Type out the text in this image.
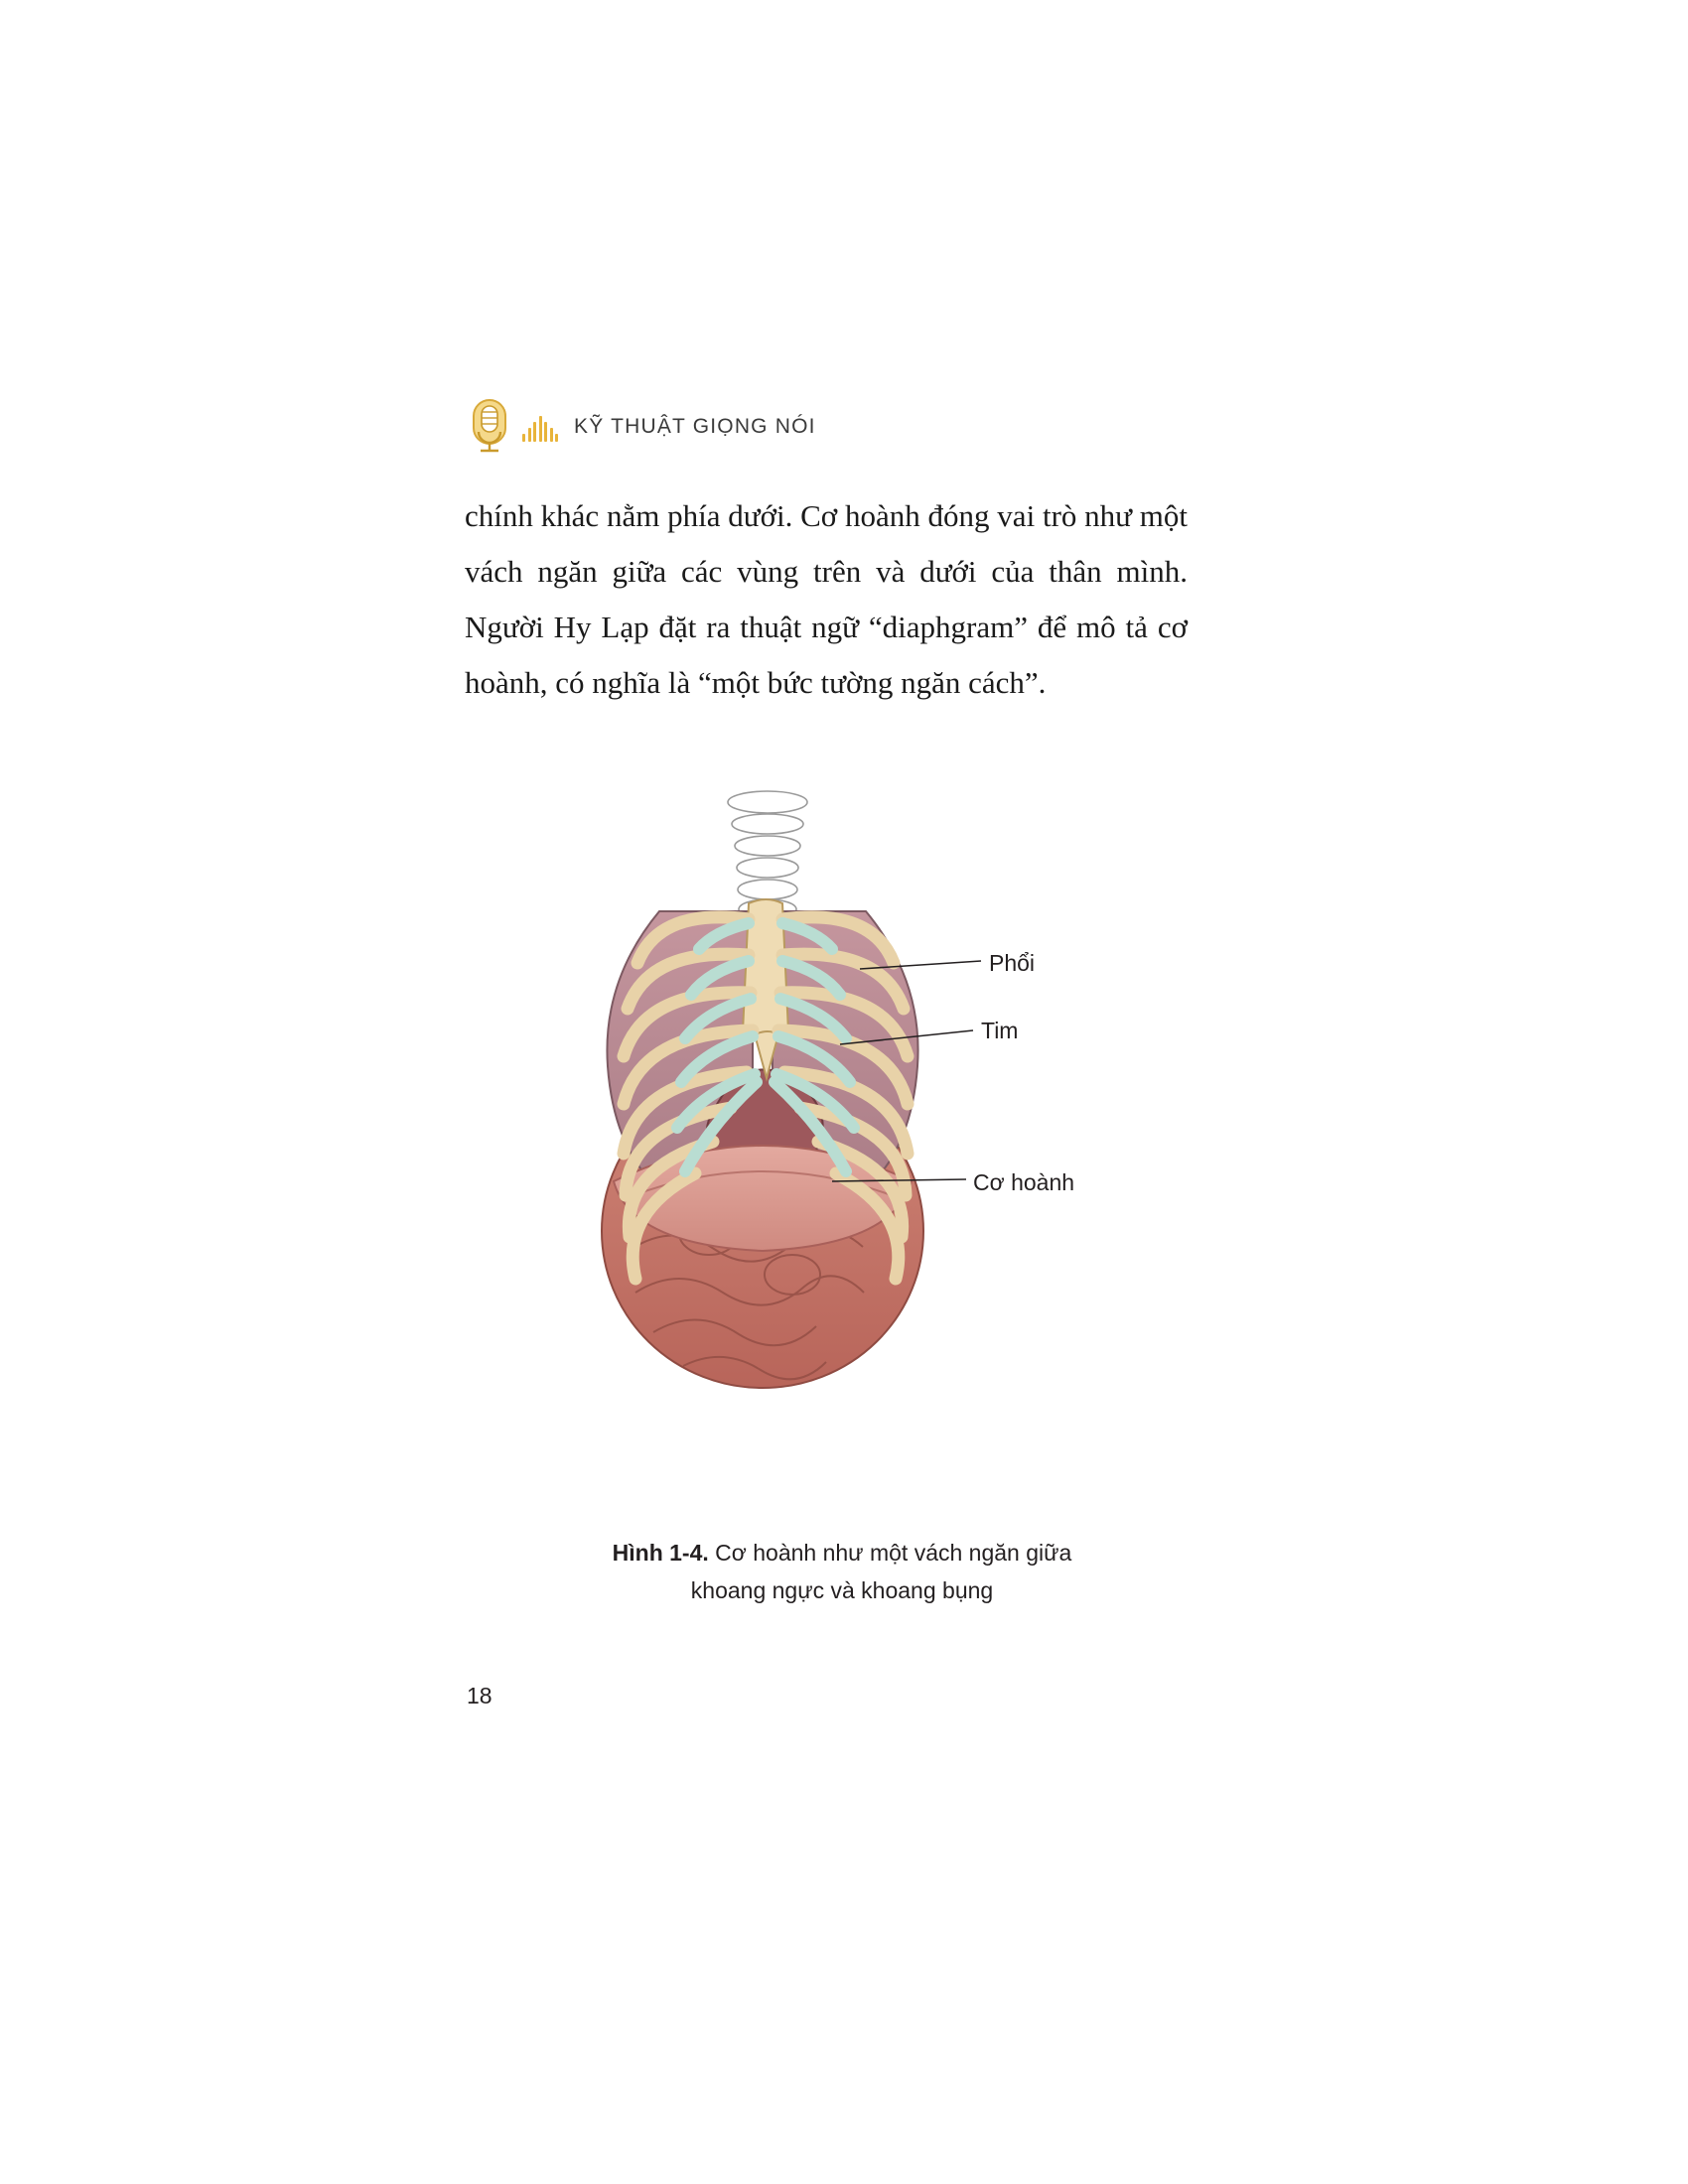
KỸ THUẬT GIỌNG NÓI
chính khác nằm phía dưới. Cơ hoành đóng vai trò như một vách ngăn giữa các vùng trên và dưới của thân mình. Người Hy Lạp đặt ra thuật ngữ “diaphgram” để mô tả cơ hoành, có nghĩa là “một bức tường ngăn cách”.
Phổi
Tim
Cơ hoành
Hình 1-4. Cơ hoành như một vách ngăn giữa
khoang ngực và khoang bụng
18
